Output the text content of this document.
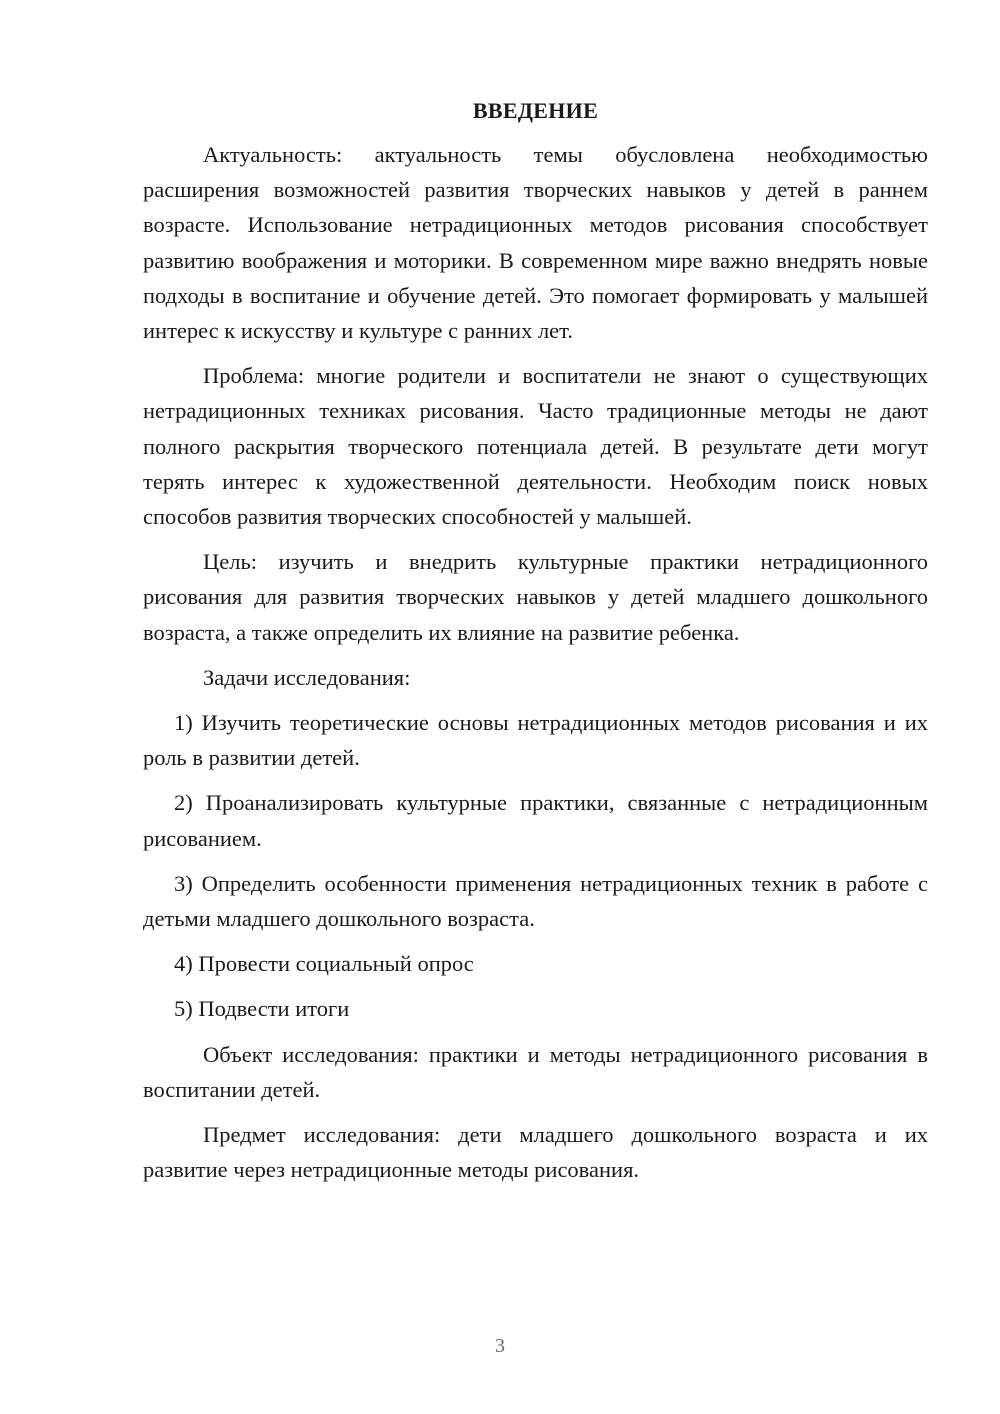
ВВЕДЕНИЕ

Актуальность: актуальность темы обусловлена необходимостью расширения возможностей развития творческих навыков у детей в раннем возрасте. Использование нетрадиционных методов рисования способствует развитию воображения и моторики. В современном мире важно внедрять новые подходы в воспитание и обучение детей. Это помогает формировать у малышей интерес к искусству и культуре с ранних лет.

Проблема: многие родители и воспитатели не знают о существующих нетрадиционных техниках рисования. Часто традиционные методы не дают полного раскрытия творческого потенциала детей. В результате дети могут терять интерес к художественной деятельности. Необходим поиск новых способов развития творческих способностей у малышей.

Цель: изучить и внедрить культурные практики нетрадиционного рисования для развития творческих навыков у детей младшего дошкольного возраста, а также определить их влияние на развитие ребенка.

Задачи исследования:

1) Изучить теоретические основы нетрадиционных методов рисования и их роль в развитии детей.

2) Проанализировать культурные практики, связанные с нетрадиционным рисованием.

3) Определить особенности применения нетрадиционных техник в работе с детьми младшего дошкольного возраста.

4) Провести социальный опрос

5) Подвести итоги

Объект исследования: практики и методы нетрадиционного рисования в воспитании детей.

Предмет исследования: дети младшего дошкольного возраста и их развитие через нетрадиционные методы рисования.

3
